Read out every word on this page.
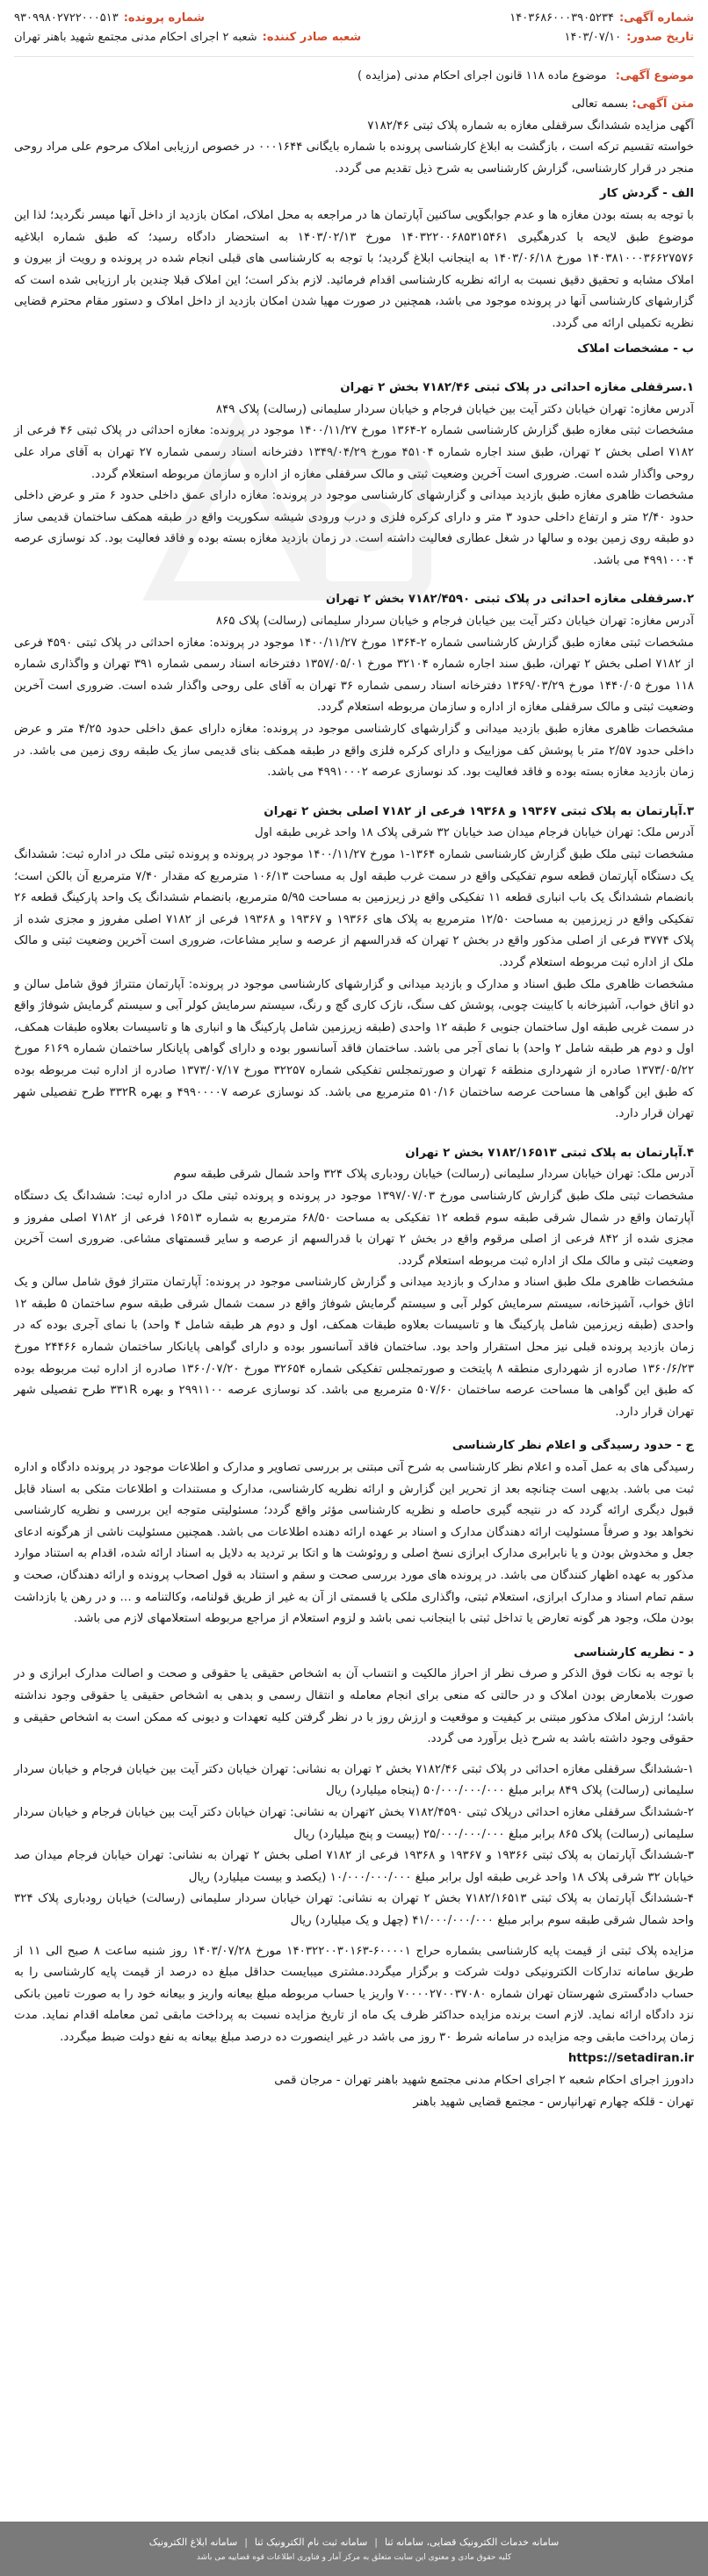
شماره آگهی:
۱۴۰۳۶۸۶۰۰۰۳۹۰۵۲۳۴
شماره پرونده:
۹۳۰۹۹۸۰۲۷۲۲۰۰۰۵۱۳
تاریخ صدور:
۱۴۰۳/۰۷/۱۰
شعبه صادر کننده:
شعبه ۲ اجرای احکام مدنی مجتمع شهید باهنر تهران
موضوع آگهی: موضوع ماده ۱۱۸ قانون اجرای احکام مدنی (مزایده )
متن آگهی: بسمه تعالی
آگهی مزایده ششدانگ سرقفلی مغازه به شماره پلاک ثبتی ۷۱۸۲/۴۶
خواسته تقسیم ترکه است ، بازگشت به ابلاغ کارشناسی پرونده با شماره بایگانی ۰۰۰۱۶۴۴ در خصوص ارزیابی املاک مرحوم علی مراد روحی منجر در قرار کارشناسی، گزارش کارشناسی به شرح ذیل تقدیم می گردد.
الف - گردش کار
با توجه به بسته بودن مغازه ها و عدم جوابگویی ساکنین آپارتمان ها در مراجعه به محل املاک، امکان بازدید از داخل آنها میسر نگردید؛ لذا این موضوع طبق لایحه با کدرهگیری ۱۴۰۳۲۲۰۰۶۸۵۳۱۵۴۶۱ مورخ ۱۴۰۳/۰۲/۱۳ به استحضار دادگاه رسید؛ که طبق شماره ابلاغیه ۱۴۰۳۸۱۰۰۰۳۶۶۲۷۵۷۶ مورخ ۱۴۰۳/۰۶/۱۸ به اینجانب ابلاغ گردید؛ با توجه به کارشناسی های قبلی انجام شده در پرونده و رویت از بیرون و املاک مشابه و تحقیق دقیق نسبت به ارائه نظریه کارشناسی اقدام فرمائید. لازم بذکر است؛ این املاک قبلا چندین بار ارزیابی شده است که گزارشهای کارشناسی آنها در پرونده موجود می باشد، همچنین در صورت مهیا شدن امکان بازدید از داخل املاک و دستور مقام محترم قضایی نظریه تکمیلی ارائه می گردد.
ب - مشخصات املاک
۱.سرقفلی مغازه احداثی در پلاک ثبتی ۷۱۸۲/۴۶ بخش ۲ تهران
آدرس مغازه: تهران خیابان دکتر آیت بین خیابان فرجام و خیابان سردار سلیمانی (رسالت) پلاک ۸۴۹
مشخصات ثبتی مغازه طبق گزارش کارشناسی شماره ۲-۱۳۶۴ مورخ ۱۴۰۰/۱۱/۲۷ موجود در پرونده: مغازه احداثی در پلاک ثبتی ۴۶ فرعی از ۷۱۸۲ اصلی بخش ۲ تهران، طبق سند اجاره شماره ۴۵۱۰۴ مورخ ۱۳۴۹/۰۴/۲۹ دفترخانه اسناد رسمی شماره ۲۷ تهران به آقای مراد علی روحی واگذار شده است. ضروری است آخرین وضعیت ثبتی و مالک سرقفلی مغازه از اداره و سازمان مربوطه استعلام گردد.
مشخصات ظاهری مغازه طبق بازدید میدانی و گزارشهای کارشناسی موجود در پرونده: مغازه دارای عمق داخلی حدود ۶ متر و عرض داخلی حدود ۲/۴۰ متر و ارتفاع داخلی حدود ۳ متر و دارای کرکره فلزی و درب ورودی شیشه سکوریت واقع در طبقه همکف ساختمان قدیمی ساز دو طبقه روی زمین بوده و سالها در شغل عطاری فعالیت داشته است. در زمان بازدید مغازه بسته بوده و فاقد فعالیت بود. کد نوسازی عرصه ۴۹۹۱۰۰۰۴ می باشد.
۲.سرقفلی مغازه احداثی در پلاک ثبتی ۷۱۸۲/۴۵۹۰ بخش ۲ تهران
آدرس مغازه: تهران خیابان دکتر آیت بین خیابان فرجام و خیابان سردار سلیمانی (رسالت) پلاک ۸۶۵
مشخصات ثبتی مغازه طبق گزارش کارشناسی شماره ۲-۱۳۶۴ مورخ ۱۴۰۰/۱۱/۲۷ موجود در پرونده: مغازه احداثی در پلاک ثبتی ۴۵۹۰ فرعی از ۷۱۸۲ اصلی بخش ۲ تهران، طبق سند اجاره شماره ۳۲۱۰۴ مورخ ۱۳۵۷/۰۵/۰۱ دفترخانه اسناد رسمی شماره ۳۹۱ تهران و واگذاری شماره ۱۱۸ مورخ ۱۴۴۰/۰۵ مورخ ۱۳۶۹/۰۳/۲۹ دفترخانه اسناد رسمی شماره ۳۶ تهران به آقای علی روحی واگذار شده است. ضروری است آخرین وضعیت ثبتی و مالک سرقفلی مغازه از اداره و سازمان مربوطه استعلام گردد.
مشخصات ظاهری مغازه طبق بازدید میدانی و گزارشهای کارشناسی موجود در پرونده: مغازه دارای عمق داخلی حدود ۴/۲۵ متر و عرض داخلی حدود ۲/۵۷ متر با پوشش کف موزاییک و دارای کرکره فلزی واقع در طبقه همکف بنای قدیمی ساز یک طبقه روی زمین می باشد. در زمان بازدید مغازه بسته بوده و فاقد فعالیت بود. کد نوسازی عرصه ۴۹۹۱۰۰۰۲ می باشد.
۳.آپارتمان به پلاک ثبتی ۱۹۳۶۷ و ۱۹۳۶۸ فرعی از ۷۱۸۲ اصلی بخش ۲ تهران
آدرس ملک: تهران خیابان فرجام میدان صد خیابان ۳۲ شرقی پلاک ۱۸ واحد غربی طبقه اول
مشخصات ثبتی ملک طبق گزارش کارشناسی شماره ۱۳۶۴-۱ مورخ ۱۴۰۰/۱۱/۲۷ موجود در پرونده و پرونده ثبتی ملک در اداره ثبت: ششدانگ یک دستگاه آپارتمان قطعه سوم تفکیکی واقع در سمت غرب طبقه اول به مساحت ۱۰۶/۱۳ مترمربع که مقدار ۷/۴۰ مترمربع آن بالکن است؛ بانضمام ششدانگ یک باب انباری قطعه ۱۱ تفکیکی واقع در زیرزمین به مساحت ۵/۹۵ مترمربع، بانضمام ششدانگ یک واحد پارکینگ قطعه ۲۶ تفکیکی واقع در زیرزمین به مساحت ۱۲/۵۰ مترمربع به پلاک های ۱۹۳۶۶ و ۱۹۳۶۷ و ۱۹۳۶۸ فرعی از ۷۱۸۲ اصلی مفروز و مجزی شده از پلاک ۳۷۷۴ فرعی از اصلی مذکور واقع در بخش ۲ تهران که قدرالسهم از عرصه و سایر مشاعات، ضروری است آخرین وضعیت ثبتی و مالک ملک از اداره ثبت مربوطه استعلام گردد.
مشخصات ظاهری ملک طبق اسناد و مدارک و بازدید میدانی و گزارشهای کارشناسی موجود در پرونده: آپارتمان متتراژ فوق شامل سالن و دو اتاق خواب، آشپزخانه با کابینت چوبی، پوشش کف سنگ، نازک کاری گچ و رنگ، سیستم سرمایش کولر آبی و سیستم گرمایش شوفاژ واقع در سمت غربی طبقه اول ساختمان جنوبی ۶ طبقه ۱۲ واحدی (طبقه زیرزمین شامل پارکینگ ها و انباری ها و تاسیسات بعلاوه طبقات همکف، اول و دوم هر طبقه شامل ۲ واحد) با نمای آجر می باشد. ساختمان فاقد آسانسور بوده و دارای گواهی پایانکار ساختمان شماره ۶۱۶۹ مورخ ۱۳۷۳/۰۵/۲۲ صادره از شهرداری منطقه ۶ تهران و صورتمجلس تفکیکی شماره ۳۲۲۵۷ مورخ ۱۳۷۳/۰۷/۱۷ صادره از اداره ثبت مربوطه بوده که طبق این گواهی ها مساحت عرصه ساختمان ۵۱۰/۱۶ مترمربع می باشد. کد نوسازی عرصه ۴۹۹۰۰۰۰۷ و بهره ۳۳۲R طرح تفصیلی شهر تهران قرار دارد.
۴.آپارتمان به پلاک ثبتی ۷۱۸۲/۱۶۵۱۳ بخش ۲ تهران
آدرس ملک: تهران خیابان سردار سلیمانی (رسالت) خیابان رودباری پلاک ۳۲۴ واحد شمال شرقی طبقه سوم
مشخصات ثبتی ملک طبق گزارش کارشناسی مورخ ۱۳۹۷/۰۷/۰۳ موجود در پرونده و پرونده ثبتی ملک در اداره ثبت: ششدانگ یک دستگاه آپارتمان واقع در شمال شرقی طبقه سوم قطعه ۱۲ تفکیکی به مساحت ۶۸/۵۰ مترمربع به شماره ۱۶۵۱۳ فرعی از ۷۱۸۲ اصلی مفروز و مجزی شده از ۸۴۲ فرعی از اصلی مرقوم واقع در بخش ۲ تهران با قدرالسهم از عرصه و سایر قسمتهای مشاعی. ضروری است آخرین وضعیت ثبتی و مالک ملک از اداره ثبت مربوطه استعلام گردد.
مشخصات ظاهری ملک طبق اسناد و مدارک و بازدید میدانی و گزارش کارشناسی موجود در پرونده: آپارتمان متتراژ فوق شامل سالن و یک اتاق خواب، آشپزخانه، سیستم سرمایش کولر آبی و سیستم گرمایش شوفاژ واقع در سمت شمال شرقی طبقه سوم ساختمان ۵ طبقه ۱۲ واحدی (طبقه زیرزمین شامل پارکینگ ها و تاسیسات بعلاوه طبقات همکف، اول و دوم هر طبقه شامل ۴ واحد) با نمای آجری بوده که در زمان بازدید پرونده قبلی نیز محل استقرار واحد بود. ساختمان فاقد آسانسور بوده و دارای گواهی پایانکار ساختمان شماره ۲۴۴۶۶ مورخ ۱۳۶۰/۶/۲۳ صادره از شهرداری منطقه ۸ پایتخت و صورتمجلس تفکیکی شماره ۳۲۶۵۴ مورخ ۱۳۶۰/۰۷/۲۰ صادره از اداره ثبت مربوطه بوده که طبق این گواهی ها مساحت عرصه ساختمان ۵۰۷/۶۰ مترمربع می باشد. کد نوسازی عرصه ۲۹۹۱۱۰۰ و بهره ۳۳۱R طرح تفصیلی شهر تهران قرار دارد.
ج - حدود رسیدگی و اعلام نظر کارشناسی
رسیدگی های به عمل آمده و اعلام نظر کارشناسی به شرح آتی مبتنی بر بررسی تصاویر و مدارک و اطلاعات موجود در پرونده دادگاه و اداره ثبت می باشد. بدیهی است چنانچه بعد از تحریر این گزارش و ارائه نظریه کارشناسی، مدارک و مستندات و اطلاعات متکی به اسناد قابل قبول دیگری ارائه گردد که در نتیجه گیری حاصله و نظریه کارشناسی مؤثر واقع گردد؛ مسئولیتی متوجه این بررسی و نظریه کارشناسی نخواهد بود و صرفاً مسئولیت ارائه دهندگان مدارک و اسناد بر عهده ارائه دهنده اطلاعات می باشد. همچنین مسئولیت ناشی از هرگونه ادعای جعل و مخدوش بودن و یا نابرابری مدارک ابرازی نسخ اصلی و روئوشت ها و اتکا بر تردید به دلایل به اسناد ارائه شده، اقدام به استناد موارد مذکور به عهده اظهار کنندگان می باشد. در پرونده های مورد بررسی صحت و سقم و استناد به قول اصحاب پرونده و ارائه دهندگان، صحت و سقم تمام اسناد و مدارک ابرازی، استعلام ثبتی، واگذاری ملکی یا قسمتی از آن به غیر از طریق قولنامه، وکالتنامه و … و در رهن یا بازداشت بودن ملک، وجود هر گونه تعارض یا تداخل ثبتی با اینجانب نمی باشد و لزوم استعلام از مراجع مربوطه استعلامهای لازم می باشد.
د - نظریه کارشناسی
با توجه به نکات فوق الذکر و صرف نظر از احراز مالکیت و انتساب آن به اشخاص حقیقی یا حقوقی و صحت و اصالت مدارک ابرازی و در صورت بلامعارض بودن املاک و در حالتی که منعی برای انجام معامله و انتقال رسمی و بدهی به اشخاص حقیقی یا حقوقی وجود نداشته باشد؛ ارزش املاک مذکور مبتنی بر کیفیت و موقعیت و ارزش روز با در نظر گرفتن کلیه تعهدات و دیونی که ممکن است به اشخاص حقیقی و حقوقی وجود داشته باشد به شرح ذیل برآورد می گردد.
۱-ششدانگ سرقفلی مغازه احداثی در پلاک ثبتی ۷۱۸۲/۴۶ بخش ۲ تهران به نشانی: تهران خیابان دکتر آیت بین خیابان فرجام و خیابان سردار سلیمانی (رسالت) پلاک ۸۴۹ برابر مبلغ ۵۰/۰۰۰/۰۰۰/۰۰۰ (پنجاه میلیارد) ریال
۲-ششدانگ سرقفلی مغازه احداثی درپلاک ثبتی ۷۱۸۲/۴۵۹۰ بخش ۲تهران به نشانی: تهران خیابان دکتر آیت بین خیابان فرجام و خیابان سردار سلیمانی (رسالت) پلاک ۸۶۵ برابر مبلغ ۲۵/۰۰۰/۰۰۰/۰۰۰ (بیست و پنج میلیارد) ریال
۳-ششدانگ آپارتمان به پلاک ثبتی ۱۹۳۶۶ و ۱۹۳۶۷ و ۱۹۳۶۸ فرعی از ۷۱۸۲ اصلی بخش ۲ تهران به نشانی: تهران خیابان فرجام میدان صد خیابان ۳۲ شرقی پلاک ۱۸ واحد غربی طبقه اول برابر مبلغ ۱۰/۰۰۰/۰۰۰/۰۰۰ (یکصد و بیست میلیارد) ریال
۴-ششدانگ آپارتمان به پلاک ثبتی ۷۱۸۲/۱۶۵۱۳ بخش ۲ تهران به نشانی: تهران خیابان سردار سلیمانی (رسالت) خیابان رودباری پلاک ۳۲۴ واحد شمال شرقی طبقه سوم برابر مبلغ ۴۱/۰۰۰/۰۰۰/۰۰۰ (چهل و یک میلیارد) ریال
مزایده پلاک ثبتی از قیمت پایه کارشناسی بشماره حراج ۶۰۰۰۰۱-۱۴۰۳۲۲۰۰۳۰۱۶۳ مورخ ۱۴۰۳/۰۷/۲۸ روز شنبه ساعت ۸ صبح الی ۱۱ از طریق سامانه تدارکات الکترونیکی دولت شرکت و برگزار میگردد.مشتری میبایست حداقل مبلغ ده درصد از قیمت پایه کارشناسی را به حساب دادگستری شهرستان تهران شماره ۷۰۰۰۰۲۷۰۰۳۷۰۸۰ واریز یا حساب مربوطه مبلغ بیعانه واریز و بیعانه خود را به صورت تامین بانکی نزد دادگاه ارائه نماید. لازم است برنده مزایده حداکثر ظرف یک ماه از تاریخ مزایده نسبت به پرداخت مابقی ثمن معامله اقدام نماید. مدت زمان پرداخت مابقی وجه مزایده در سامانه شرط ۳۰ روز می باشد در غیر اینصورت ده درصد مبلغ بیعانه به نفع دولت ضبط میگردد.
https://setadiran.ir
دادورز اجرای احکام شعبه ۲ اجرای احکام مدنی مجتمع شهید باهنر تهران - مرجان قمی
تهران - قلکه چهارم تهرانپارس - مجتمع قضایی شهید باهنر
سامانه خدمات الکترونیک قضایی، سامانه ثنا
|
سامانه ثبت نام الکترونیک ثنا
|
سامانه ابلاغ الکترونیک
کلیه حقوق مادی و معنوی این سایت متعلق به مرکز آمار و فناوری اطلاعات قوه قضاییه می باشد
